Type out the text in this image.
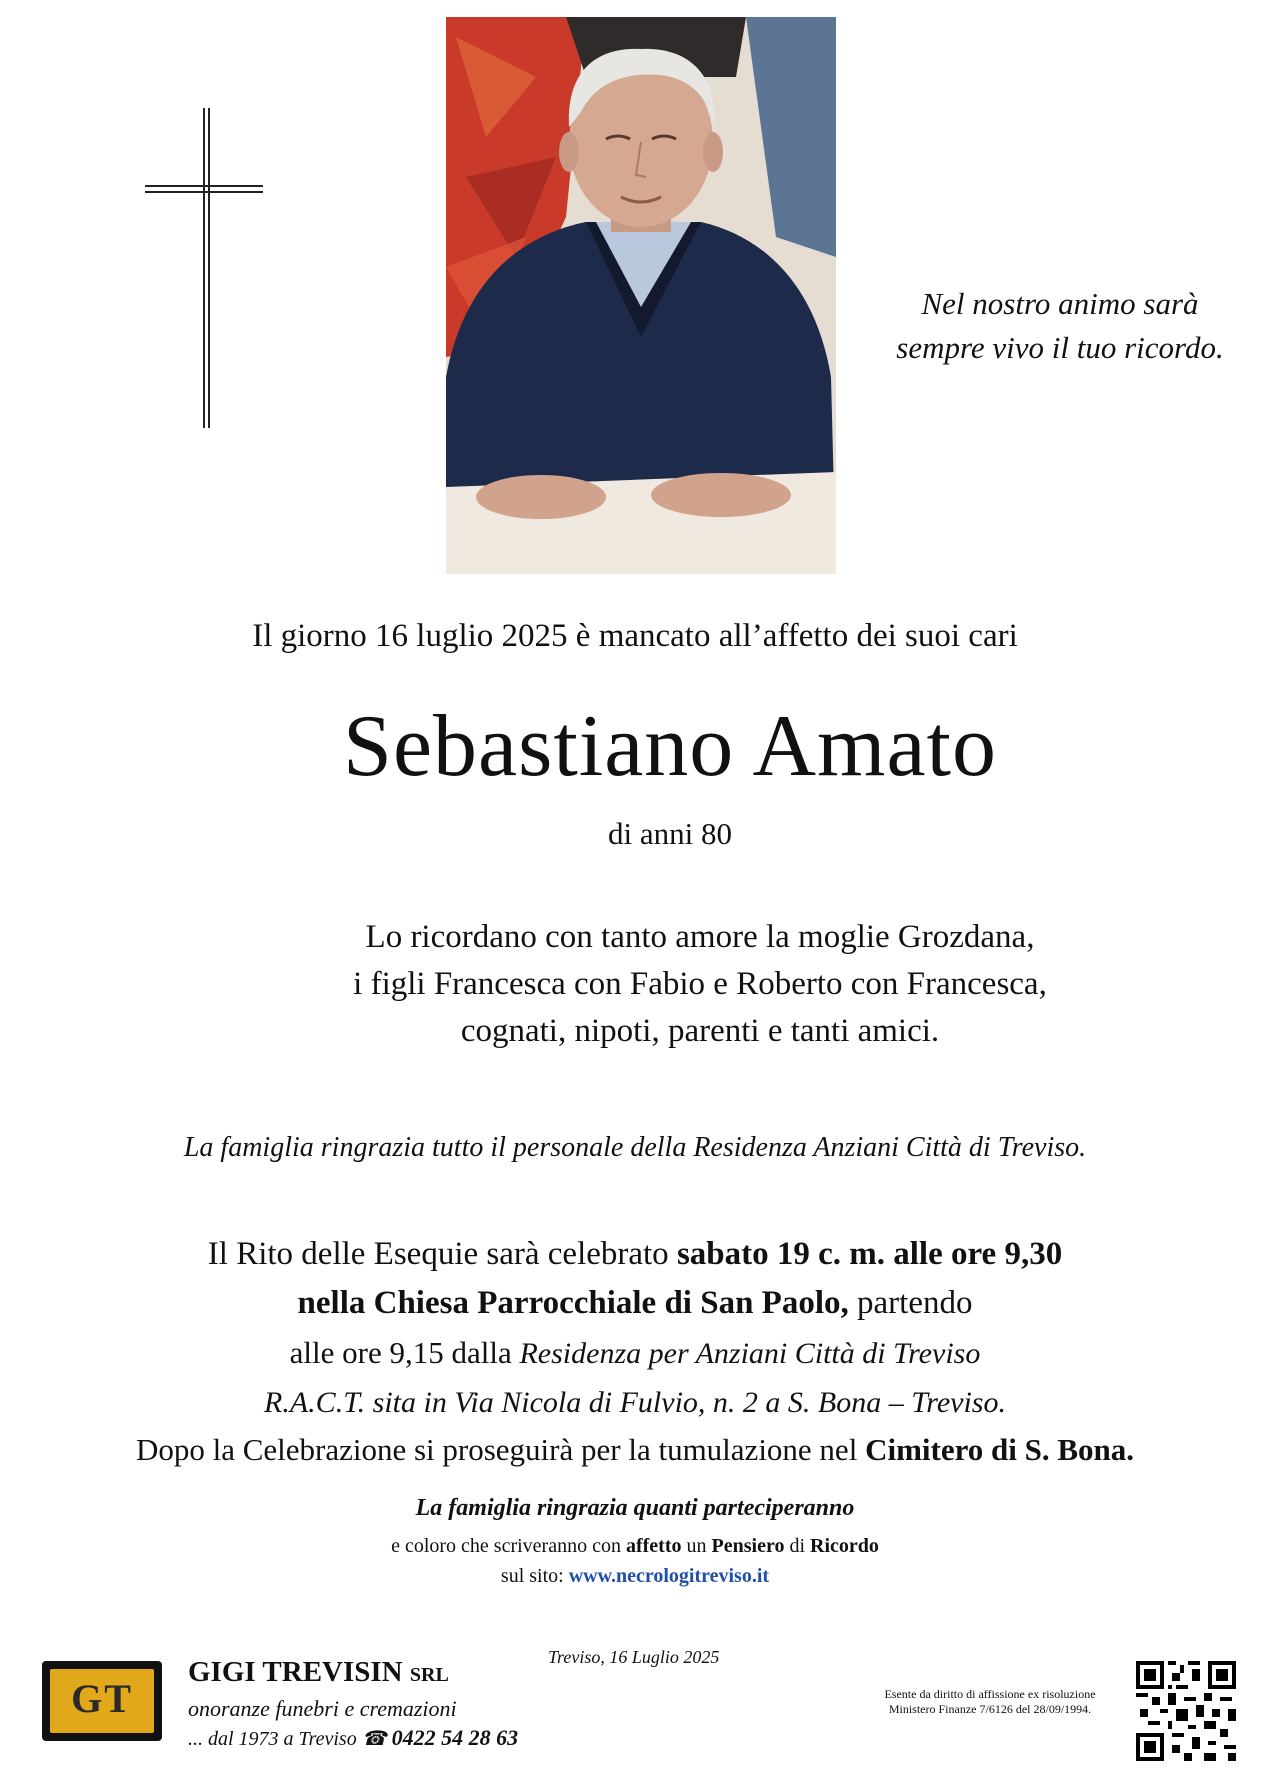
Nel nostro animo sarà
sempre vivo il tuo ricordo.
Il giorno 16 luglio 2025 è mancato all’affetto dei suoi cari
Sebastiano Amato
di anni 80
Lo ricordano con tanto amore la moglie Grozdana,
i figli Francesca con Fabio e Roberto con Francesca,
cognati, nipoti, parenti e tanti amici.
La famiglia ringrazia tutto il personale della Residenza Anziani Città di Treviso.
Il Rito delle Esequie sarà celebrato sabato 19 c. m. alle ore 9,30
nella Chiesa Parrocchiale di San Paolo, partendo
alle ore 9,15 dalla Residenza per Anziani Città di Treviso
R.A.C.T. sita in Via Nicola di Fulvio, n. 2 a S. Bona – Treviso.
Dopo la Celebrazione si proseguirà per la tumulazione nel Cimitero di S. Bona.
La famiglia ringrazia quanti parteciperanno
e coloro che scriveranno con affetto un Pensiero di Ricordo
sul sito: www.necrologitreviso.it
GT
GIGI TREVISIN SRL
onoranze funebri e cremazioni
... dal 1973 a Treviso ☎ 0422 54 28 63
Treviso, 16 Luglio 2025
Esente da diritto di affissione ex risoluzione
Ministero Finanze 7/6126 del 28/09/1994.
